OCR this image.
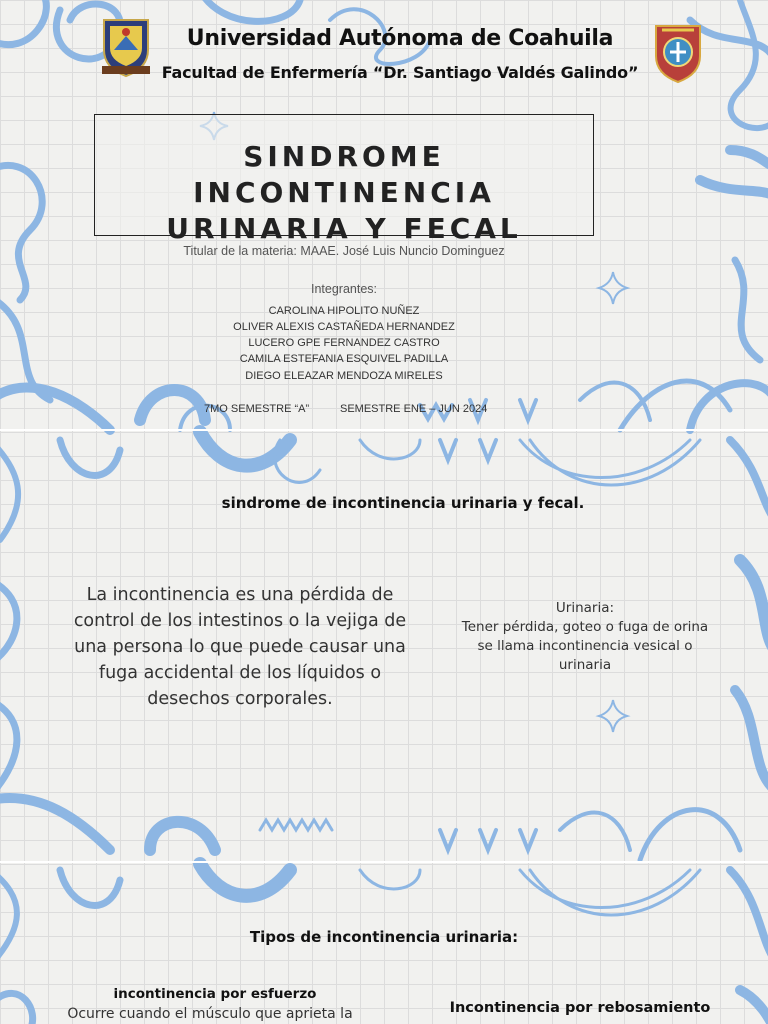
Universidad Autónoma de Coahuila
Facultad de Enfermería “Dr. Santiago Valdés Galindo”
SINDROME INCONTINENCIA
URINARIA Y FECAL
Titular de la materia: MAAE. José Luis Nuncio Dominguez
Integrantes:
CAROLINA HIPOLITO NUÑEZ
OLIVER ALEXIS CASTAÑEDA HERNANDEZ
LUCERO GPE FERNANDEZ CASTRO
CAMILA ESTEFANIA ESQUIVEL PADILLA
DIEGO ELEAZAR MENDOZA MIRELES
7MO SEMESTRE “A”	SEMESTRE ENE – JUN 2024
sindrome de incontinencia urinaria y fecal.
La incontinencia es una pérdida de
control de los intestinos o la vejiga de
una persona lo que puede causar una
fuga accidental de los líquidos o
desechos corporales.
Urinaria:
Tener pérdida, goteo o fuga de orina
se llama incontinencia vesical o
urinaria
Tipos de incontinencia urinaria:
incontinencia por esfuerzo
Ocurre cuando el músculo que aprieta la	Incontinencia por rebosamiento
